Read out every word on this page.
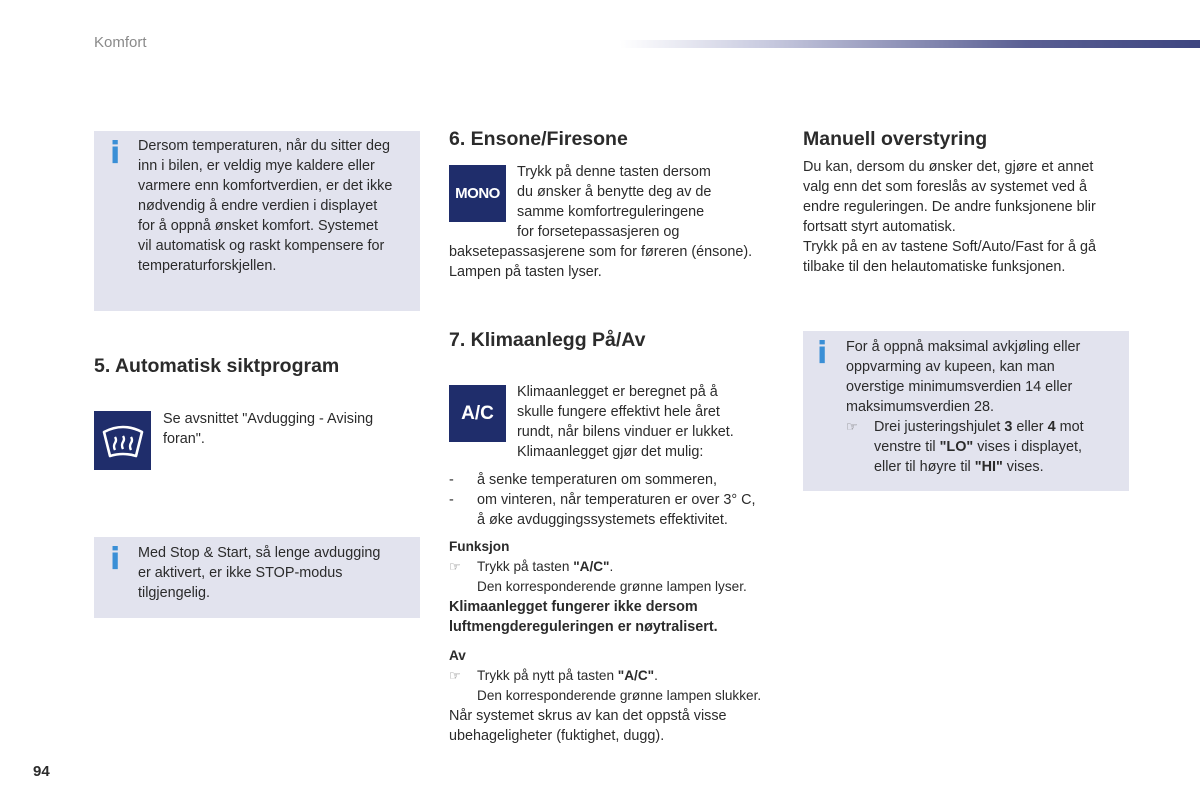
Komfort
i Dersom temperaturen, når du sitter deg
inn i bilen, er veldig mye kaldere eller
varmere enn komfortverdien, er det ikke
nødvendig å endre verdien i displayet
for å oppnå ønsket komfort. Systemet
vil automatisk og raskt kompensere for
temperaturforskjellen.
5. Automatisk siktprogram
Se avsnittet "Avdugging - Avising
foran".
i Med Stop & Start, så lenge avdugging
er aktivert, er ikke STOP-modus
tilgjengelig.
6. Ensone/Firesone
MONO
Trykk på denne tasten dersom
du ønsker å benytte deg av de
samme komfortreguleringene
for forsetepassasjeren og
baksetepassasjerene som for føreren (énsone).
Lampen på tasten lyser.
7. Klimaanlegg På/Av
A/C
Klimaanlegget er beregnet på å
skulle fungere effektivt hele året
rundt, når bilens vinduer er lukket.
Klimaanlegget gjør det mulig:
-	å senke temperaturen om sommeren,
-	om vinteren, når temperaturen er over 3° C,
å øke avduggingssystemets effektivitet.
Funksjon
☞ Trykk på tasten "A/C".
Den korresponderende grønne lampen lyser.
Klimaanlegget fungerer ikke dersom
luftmengdereguleringen er nøytralisert.
Av
☞ Trykk på nytt på tasten "A/C".
Den korresponderende grønne lampen slukker.
Når systemet skrus av kan det oppstå visse
ubehageligheter (fuktighet, dugg).
Manuell overstyring
Du kan, dersom du ønsker det, gjøre et annet
valg enn det som foreslås av systemet ved å
endre reguleringen. De andre funksjonene blir
fortsatt styrt automatisk.
Trykk på en av tastene Soft/Auto/Fast for å gå
tilbake til den helautomatiske funksjonen.
i For å oppnå maksimal avkjøling eller
oppvarming av kupeen, kan man
overstige minimumsverdien 14 eller
maksimumsverdien 28.
☞ Drei justeringshjulet 3 eller 4 mot
venstre til "LO" vises i displayet,
eller til høyre til "HI" vises.
94
